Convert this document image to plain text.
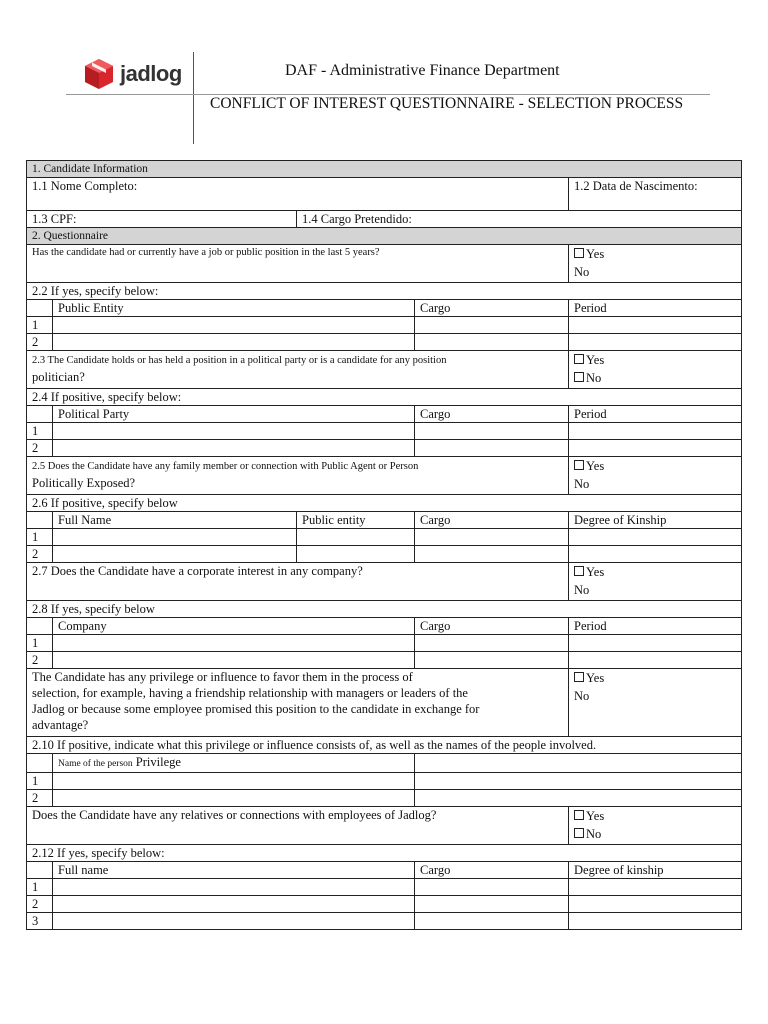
jadlog	DAF - Administrative Finance Department
CONFLICT OF INTEREST QUESTIONNAIRE - SELECTION PROCESS
1. Candidate Information				
1.1 Nome Completo:				1.2 Data de Nascimento:
1.3 CPF:		1.4 Cargo Pretendido:		
2. Questionnaire				
Has the candidate had or currently have a job or public position in the last 5 years?				Yes
No

2.2 If yes, specify below:				
	Public Entity		Cargo	Period
1				
2				
2.3 The Candidate holds or has held a position in a political party or is a candidate for any position
politician?				Yes
No

2.4 If positive, specify below:				
	Political Party		Cargo	Period
1				
2				
2.5 Does the Candidate have any family member or connection with Public Agent or Person
Politically Exposed?				Yes
No

2.6 If positive, specify below				
	Full Name	Public entity	Cargo	Degree of Kinship
1				
2				
2.7 Does the Candidate have a corporate interest in any company?				Yes
No

2.8 If yes, specify below				
	Company		Cargo	Period
1				
2				
The Candidate has any privilege or influence to favor them in the process of
selection, for example, having a friendship relationship with managers or leaders of the
Jadlog or because some employee promised this position to the candidate in exchange for
advantage?				Yes
No

2.10 If positive, indicate what this privilege or influence consists of, as well as the names of the people involved.				
	Name of the person Privilege			
1				
2				
Does the Candidate have any relatives or connections with employees of Jadlog?				Yes
No

2.12 If yes, specify below:				
	Full name		Cargo	Degree of kinship
1				
2				
3				
